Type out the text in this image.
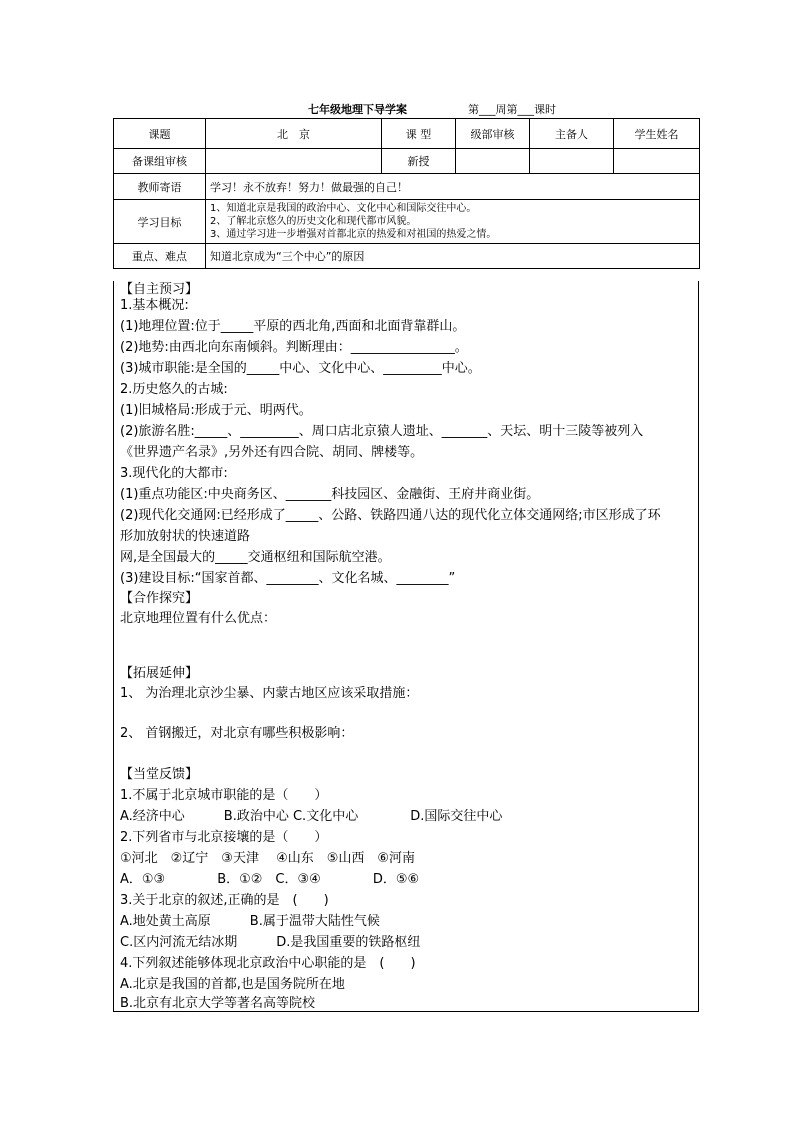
七年级地理下导学案	第___周第___课时
课题	北　京	课 型	级部审核	主备人	学生姓名
备课组审核		新授			
教师寄语	学习！永不放弃！努力！做最强的自己！				
学习目标	1、知道北京是我国的政治中心、文化中心和国际交往中心。
2、了解北京悠久的历史文化和现代都市风貌。
3、通过学习进一步增强对首都北京的热爱和对祖国的热爱之情。				

重点、难点	知道北京成为“三个中心”的原因				
【自主预习】
1.基本概况:
(1)地理位置:位于_____平原的西北角,西面和北面背靠群山。
(2)地势:由西北向东南倾斜。判断理由：________________。
(3)城市职能:是全国的_____中心、文化中心、_________中心。
2.历史悠久的古城:
(1)旧城格局:形成于元、明两代。
(2)旅游名胜:_____、_________、周口店北京猿人遗址、_______、天坛、明十三陵等被列入
《世界遗产名录》,另外还有四合院、胡同、牌楼等。
3.现代化的大都市:
(1)重点功能区:中央商务区、_______科技园区、金融街、王府井商业街。
(2)现代化交通网:已经形成了_____、公路、铁路四通八达的现代化立体交通网络;市区形成了环
形加放射状的快速道路
网,是全国最大的_____交通枢纽和国际航空港。
(3)建设目标:“国家首都、________、文化名城、________”
【合作探究】
北京地理位置有什么优点：
【拓展延伸】
1、 为治理北京沙尘暴、内蒙古地区应该采取措施：
2、 首钢搬迁，对北京有哪些积极影响：
【当堂反馈】
1.不属于北京城市职能的是（　　）
A.经济中心　　　B.政治中心 C.文化中心　　　　D.国际交往中心
2.下列省市与北京接壤的是（　　）
①河北　②辽宁　③天津　 ④山东　⑤山西　⑥河南
A．①③　　　　B．①②　C．③④　　　　D．⑤⑥
3.关于北京的叙述,正确的是　(　　)
A.地处黄土高原　　　B.属于温带大陆性气候
C.区内河流无结冰期　　　D.是我国重要的铁路枢纽
4.下列叙述能够体现北京政治中心职能的是　(　　)
A.北京是我国的首都,也是国务院所在地
B.北京有北京大学等著名高等院校
